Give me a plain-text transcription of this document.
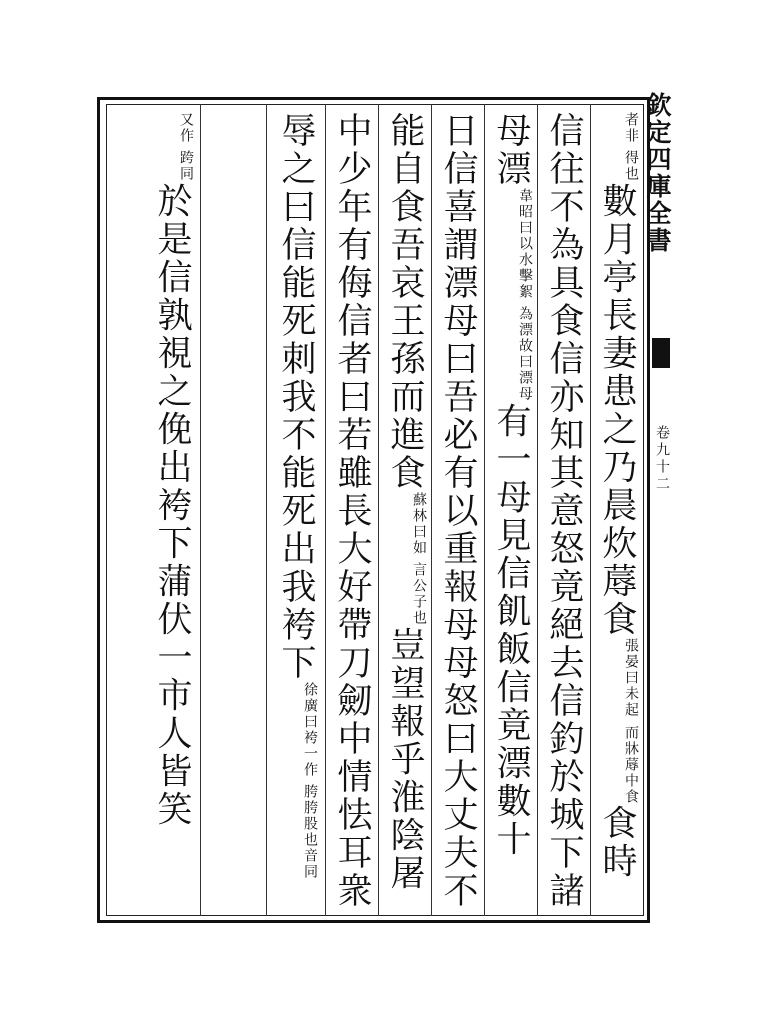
欽定四庫全書
卷九十二
者非 得也數月亭長妻患之乃晨炊蓐食張晏曰未起 而牀蓐中食食時
信往不為具食信亦知其意怒竟絕去信釣於城下諸
母漂韋昭曰以水擊絮 為漂故曰漂母有一母見信飢飯信竟漂數十
日信喜謂漂母曰吾必有以重報母母怒曰大丈夫不
能自食吾哀王孫而進食蘇林曰如 言公子也豈望報乎淮陰屠
中少年有侮信者曰若雖長大好帶刀劒中情怯耳衆
辱之曰信能死刺我不能死出我袴下徐廣曰袴一作 胯胯股也音同
又作 跨同於是信孰視之俛出袴下蒲伏一市人皆笑
